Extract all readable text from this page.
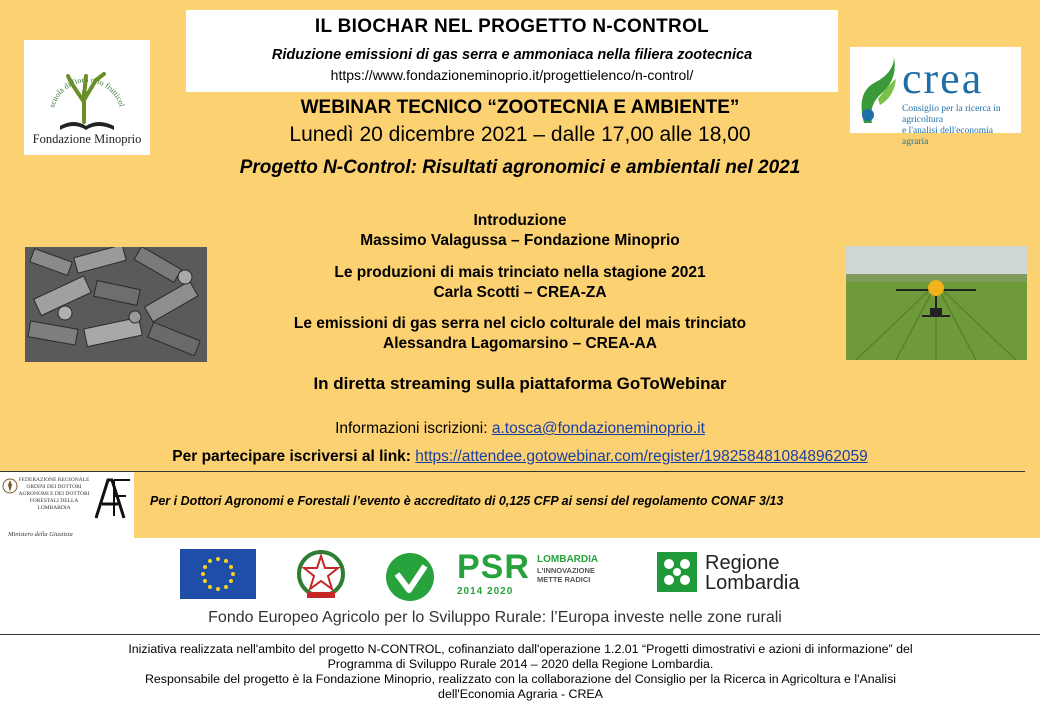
IL BIOCHAR NEL PROGETTO N-CONTROL
Riduzione emissioni di gas serra e ammoniaca nella filiera zootecnica
https://www.fondazioneminoprio.it/progettielenco/n-control/
scuola di fioro orto frutticol
Fondazione Minoprio
crea
Consiglio per la ricerca in agricoltura
e l'analisi dell'economia agraria
WEBINAR TECNICO “ZOOTECNIA E AMBIENTE”
Lunedì 20 dicembre 2021 – dalle 17,00 alle 18,00
Progetto N-Control: Risultati agronomici e ambientali nel 2021
Introduzione
Massimo Valagussa – Fondazione Minoprio
Le produzioni di mais trinciato nella stagione 2021
Carla Scotti – CREA-ZA
Le emissioni di gas serra nel ciclo colturale del mais trinciato
Alessandra Lagomarsino – CREA-AA
In diretta streaming sulla piattaforma GoToWebinar
Informazioni iscrizioni: a.tosca@fondazioneminoprio.it
Per partecipare iscriversi al link: https://attendee.gotowebinar.com/register/1982584810848962059
FEDERAZIONE REGIONALE ORDINI DEI DOTTORI AGRONOMI E DEI DOTTORI FORESTALI DELLA LOMBARDIA
Ministero della Giustizia
Per i Dottori Agronomi e Forestali l’evento è accreditato di 0,125 CFP ai sensi del regolamento CONAF 3/13
PSR
2014 2020
LOMBARDIA
L'INNOVAZIONE
METTE RADICI
Regione
Lombardia
Fondo Europeo Agricolo per lo Sviluppo Rurale: l’Europa investe nelle zone rurali
Iniziativa realizzata nell'ambito del progetto N-CONTROL, cofinanziato dall'operazione 1.2.01 “Progetti dimostrativi e azioni di informazione” del
Programma di Sviluppo Rurale 2014 – 2020 della Regione Lombardia.
Responsabile del progetto è la Fondazione Minoprio, realizzato con la collaborazione del Consiglio per la Ricerca in Agricoltura e l'Analisi
dell'Economia Agraria - CREA
